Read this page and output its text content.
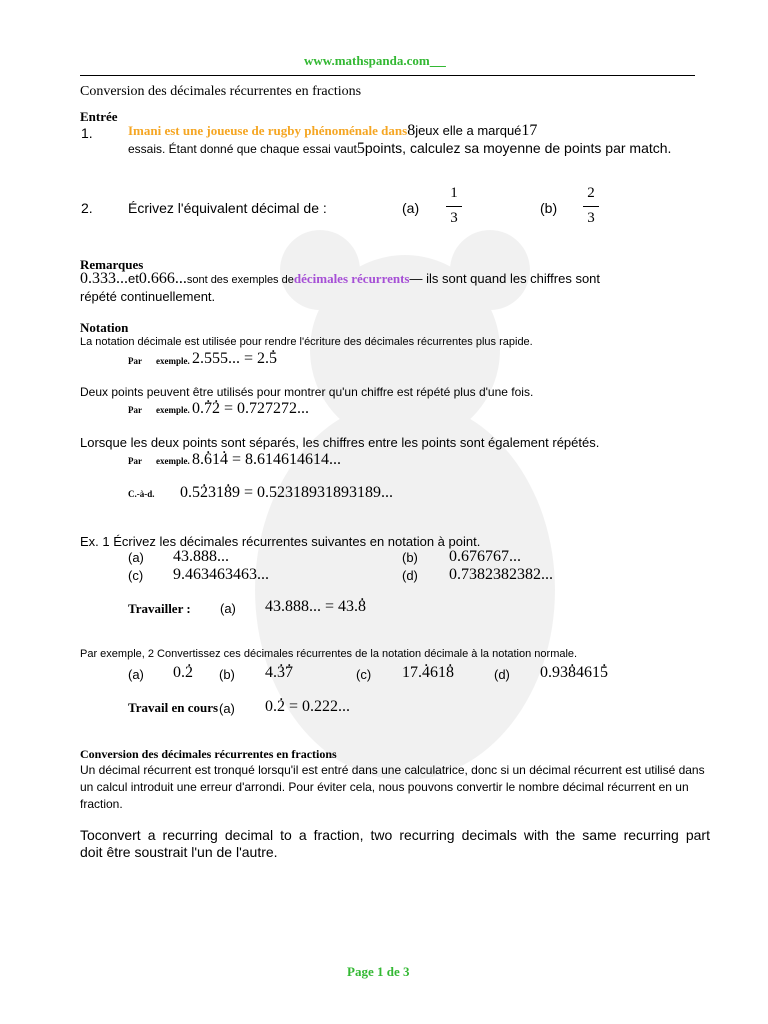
www.mathspanda.com
Conversion des décimales récurrentes en fractions
Entrée
1.	Imani est une joueuse de rugby phénoménale dans8jeux elle a marqué17
essais. Étant donné que chaque essai vaut5points, calculez sa moyenne de points par match.
2.	Écrivez l'équivalent décimal de :	(a)
1
3
(b)
2
3
Remarques
0.333...et0.666...sont des exemples dedécimales récurrents— ils sont quand les chiffres sont
répété continuellement.
Notation
La notation décimale est utilisée pour rendre l'écriture des décimales récurrentes plus rapide.
Par exemple. 2.555... = 2.. 5
Deux points peuvent être utilisés pour montrer qu'un chiffre est répété plus d'une fois.
Par exemple. 0.. 7. 2 = 0.727272...
Lorsque les deux points sont séparés, les chiffres entre les points sont également répétés.
Par exemple. 8.. 61. 4 = 8.614614614...
C.-à-d. 0.5. 231. 89 = 0.52318931893189...
Ex. 1 Écrivez les décimales récurrentes suivantes en notation à point.
(a) 43.888...	(b) 0.676767...
(c) 9.463463463...	(d) 0.7382382382...
Travailler : (a) 43.888... = 43.. 8
Par exemple, 2 Convertissez ces décimales récurrentes de la notation décimale à la notation normale.
(a) 0.. 2 (b) 4.. 3. 7	(c) 17.. 461. 8	(d) 0.93. 8461. 5
Travail en cours (a) 0.. 2 = 0.222...
Conversion des décimales récurrentes en fractions
Un décimal récurrent est tronqué lorsqu'il est entré dans une calculatrice, donc si un décimal récurrent est utilisé dans
un calcul introduit une erreur d'arrondi. Pour éviter cela, nous pouvons convertir le nombre décimal récurrent en un
fraction.
Toconvert a recurring decimal to a fraction, two recurring decimals with the same recurring part
doit être soustrait l'un de l'autre.
Page 1 de 3
